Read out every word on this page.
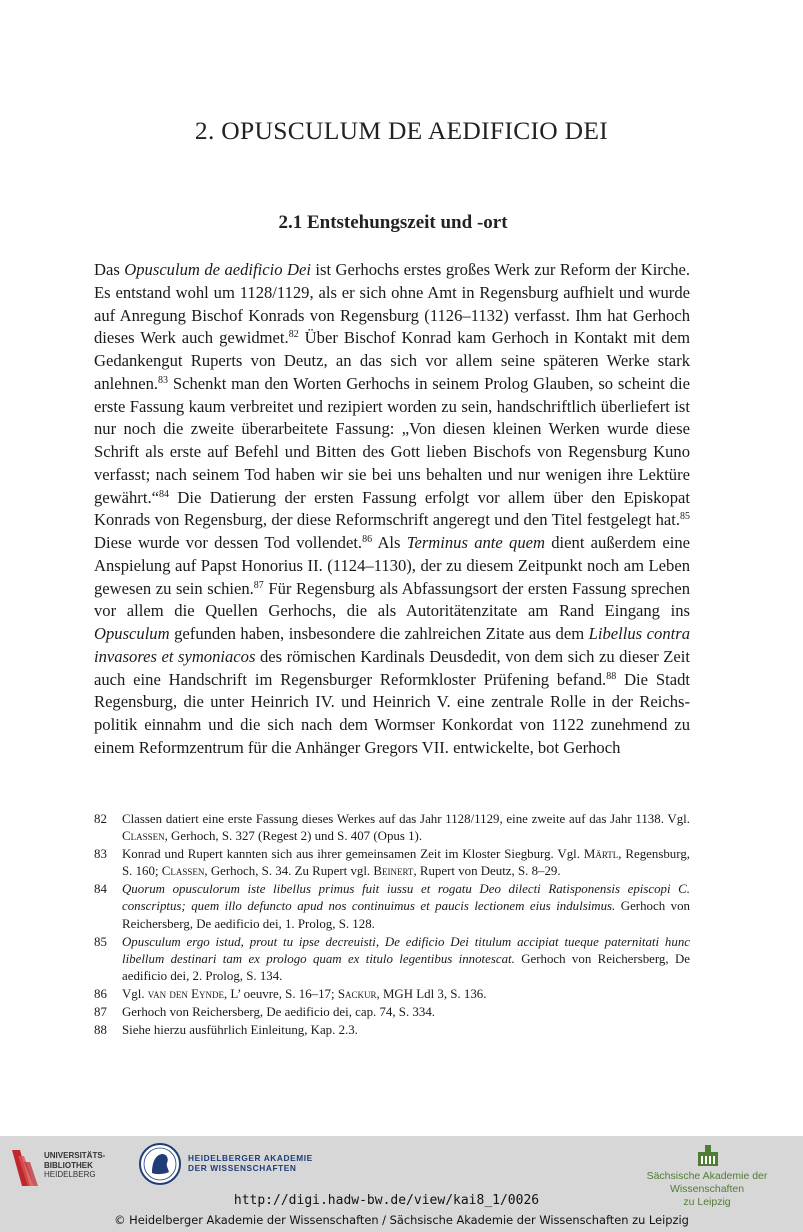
2. OPUSCULUM DE AEDIFICIO DEI
2.1 Entstehungszeit und -ort
Das Opusculum de aedificio Dei ist Gerhochs erstes großes Werk zur Reform der Kirche. Es entstand wohl um 1128/1129, als er sich ohne Amt in Regensburg aufhielt und wurde auf Anregung Bischof Konrads von Regensburg (1126–1132) verfasst. Ihm hat Gerhoch dieses Werk auch gewidmet.$^{82}$ Über Bischof Konrad kam Gerhoch in Kontakt mit dem Gedankengut Ruperts von Deutz, an das sich vor allem seine späteren Werke stark anlehnen.$^{83}$ Schenkt man den Worten Gerhochs in seinem Prolog Glauben, so scheint die erste Fassung kaum verbreitet und rezipiert worden zu sein, handschriftlich überliefert ist nur noch die zweite überarbeitete Fassung: „Von diesen kleinen Werken wurde diese Schrift als erste auf Befehl und Bitten des Gott lieben Bischofs von Regensburg Kuno verfasst; nach seinem Tod haben wir sie bei uns behalten und nur wenigen ihre Lektüre gewährt.“$^{84}$ Die Datierung der ersten Fassung erfolgt vor allem über den Episkopat Konrads von Regensburg, der diese Reformschrift angeregt und den Titel festgelegt hat.$^{85}$ Diese wurde vor dessen Tod vollendet.$^{86}$ Als Terminus ante quem dient außerdem eine Anspielung auf Papst Honorius II. (1124–1130), der zu diesem Zeitpunkt noch am Leben gewesen zu sein schien.$^{87}$ Für Regensburg als Abfassungsort der ersten Fassung sprechen vor allem die Quellen Gerhochs, die als Autoritätenzitate am Rand Eingang ins Opusculum gefunden haben, insbesondere die zahlreichen Zitate aus dem Libellus contra invasores et symoniacos des römischen Kardinals Deusdedit, von dem sich zu dieser Zeit auch eine Handschrift im Regensburger Reformkloster Prüfening befand.$^{88}$ Die Stadt Regensburg, die unter Heinrich IV. und Heinrich V. eine zentrale Rolle in der Reichspolitik einnahm und die sich nach dem Wormser Konkordat von 1122 zunehmend zu einem Reformzentrum für die Anhänger Gregors VII. entwickelte, bot Gerhoch
82	Classen datiert eine erste Fassung dieses Werkes auf das Jahr 1128/1129, eine zweite auf das Jahr 1138. Vgl. Classen, Gerhoch, S. 327 (Regest 2) und S. 407 (Opus 1).
83	Konrad und Rupert kannten sich aus ihrer gemeinsamen Zeit im Kloster Siegburg. Vgl. Märtl, Regensburg, S. 160; Classen, Gerhoch, S. 34. Zu Rupert vgl. Beinert, Rupert von Deutz, S. 8–29.
84	Quorum opusculorum iste libellus primus fuit iussu et rogatu Deo dilecti Ratisponensis episcopi C. conscriptus; quem illo defuncto apud nos continuimus et paucis lectionem eius indulsimus. Gerhoch von Reichersberg, De aedificio dei, 1. Prolog, S. 128.
85	Opusculum ergo istud, prout tu ipse decreuisti, De edificio Dei titulum accipiat tueque paternitati hunc libellum destinari tam ex prologo quam ex titulo legentibus innotescat. Gerhoch von Reichersberg, De aedificio dei, 2. Prolog, S. 134.
86	Vgl. van den Eynde, L’ oeuvre, S. 16–17; Sackur, MGH Ldl 3, S. 136.
87	Gerhoch von Reichersberg, De aedificio dei, cap. 74, S. 334.
88	Siehe hierzu ausführlich Einleitung, Kap. 2.3.
UNIVERSITÄTS-
BIBLIOTHEK
HEIDELBERG
HEIDELBERGER AKADEMIE
DER WISSENSCHAFTEN
Sächsische Akademie der Wissenschaften
zu Leipzig
http://digi.hadw-bw.de/view/kai8_1/0026
© Heidelberger Akademie der Wissenschaften / Sächsische Akademie der Wissenschaften zu Leipzig
